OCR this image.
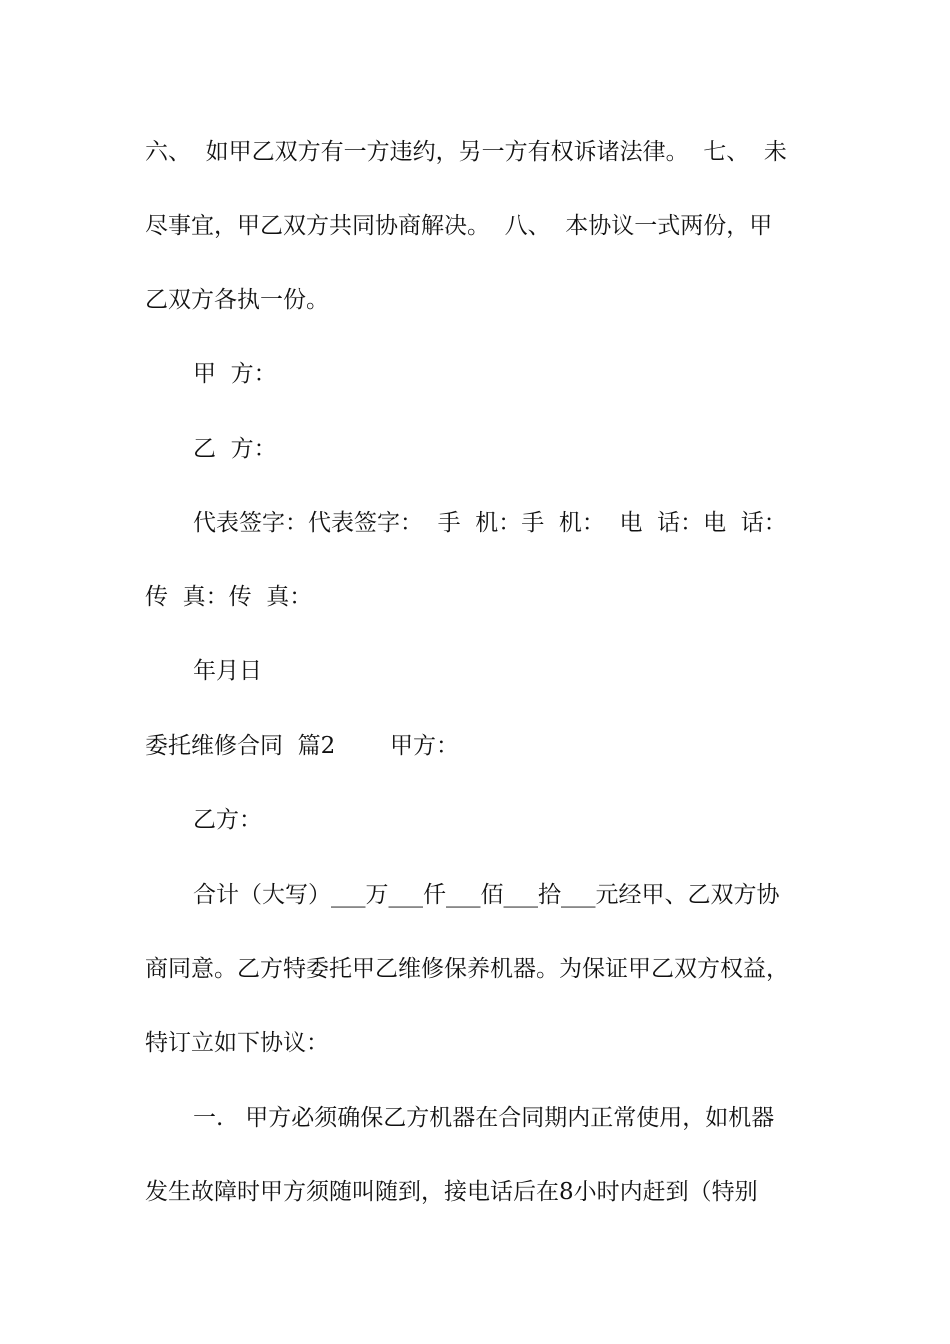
六、  如甲乙双方有一方违约，另一方有权诉诸法律。  七、  未
尽事宜，甲乙双方共同协商解决。  八、  本协议一式两份，甲
乙双方各执一份。
甲  方：
乙  方：
代表签字：代表签字：  手  机：手  机：  电  话：电  话：
传  真：传  真：
年月日
委托维修合同  篇2 甲方：
乙方：
合计（大写）___万___仟___佰___拾___元经甲、乙双方协
商同意。乙方特委托甲乙维修保养机器。为保证甲乙双方权益，
特订立如下协议：
一.   甲方必须确保乙方机器在合同期内正常使用，如机器
发生故障时甲方须随叫随到，接电话后在8小时内赶到（特别
